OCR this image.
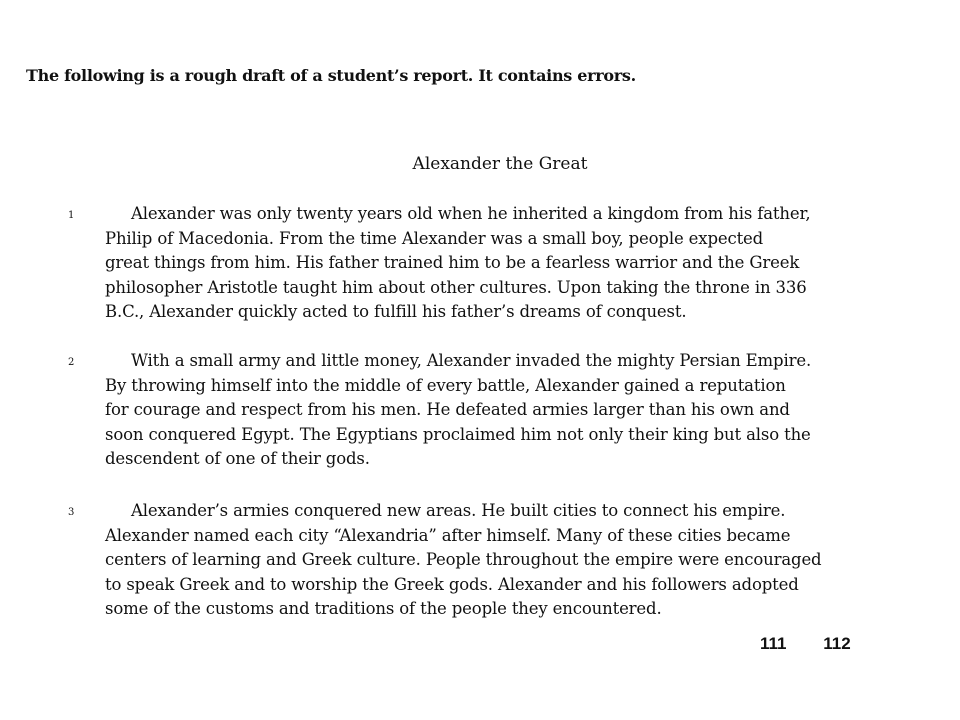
The following is a rough draft of a student’s report. It contains errors.

Alexander the Great
1	Alexander was only twenty years old when he inherited a kingdom from his father,
Philip of Macedonia. From the time Alexander was a small boy, people expected
great things from him. His father trained him to be a fearless warrior and the Greek
philosopher Aristotle taught him about other cultures. Upon taking the throne in 336
B.C., Alexander quickly acted to fulfill his father’s dreams of conquest.
2	With a small army and little money, Alexander invaded the mighty Persian Empire.
By throwing himself into the middle of every battle, Alexander gained a reputation
for courage and respect from his men. He defeated armies larger than his own and
soon conquered Egypt. The Egyptians proclaimed him not only their king but also the
descendent of one of their gods.
3	Alexander’s armies conquered new areas. He built cities to connect his empire.
Alexander named each city “Alexandria” after himself. Many of these cities became
centers of learning and Greek culture. People throughout the empire were encouraged
to speak Greek and to worship the Greek gods. Alexander and his followers adopted
some of the customs and traditions of the people they encountered.
111 112
